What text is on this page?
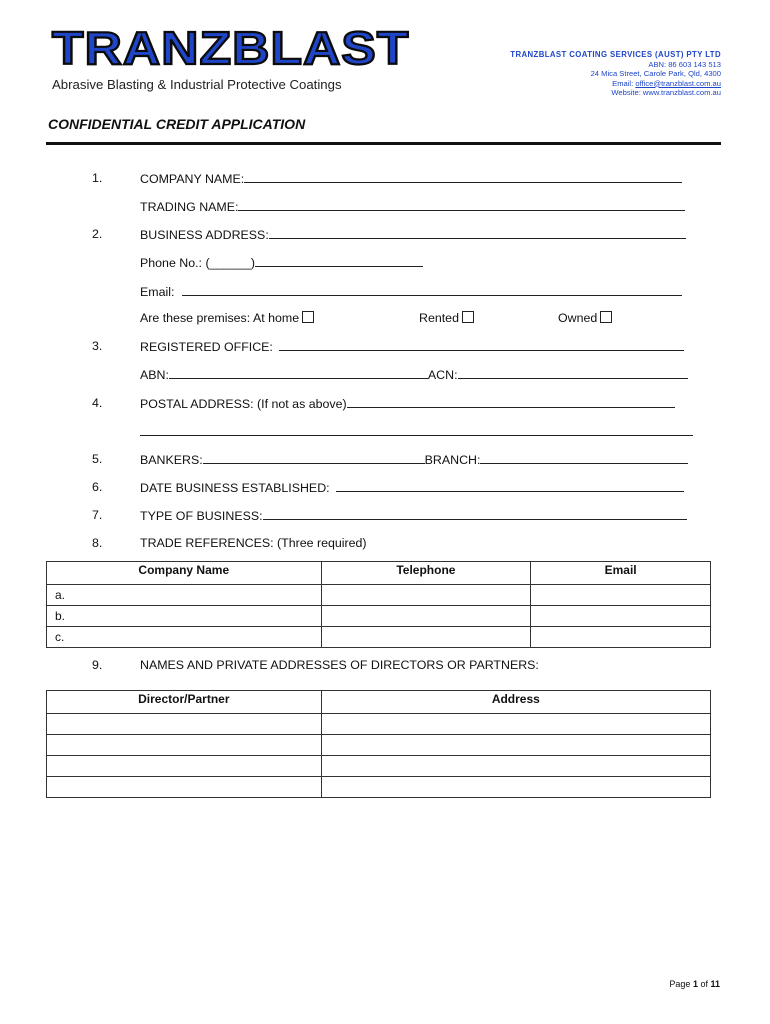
TRANZBLAST
Abrasive Blasting & Industrial Protective Coatings
TRANZBLAST COATING SERVICES (AUST) PTY LTD
ABN: 86 603 143 513
24 Mica Street, Carole Park, Qld, 4300
Email: office@tranzblast.com.au
Website: www.tranzblast.com.au
CONFIDENTIAL CREDIT APPLICATION
1.	COMPANY NAME:
TRADING NAME:
2.	BUSINESS ADDRESS:
Phone No.: (______)
Email:
Are these premises: At home	Rented	Owned
3.	REGISTERED OFFICE:
ABN:	ACN:
4.	POSTAL ADDRESS: (If not as above)
5.	BANKERS:	BRANCH:
6.	DATE BUSINESS ESTABLISHED:
7.	TYPE OF BUSINESS:
8.	TRADE REFERENCES: (Three required)
Company Name	Telephone	Email
a.		
b.		
c.		
9.	NAMES AND PRIVATE ADDRESSES OF DIRECTORS OR PARTNERS:
Director/Partner	Address

Page 1 of 11
